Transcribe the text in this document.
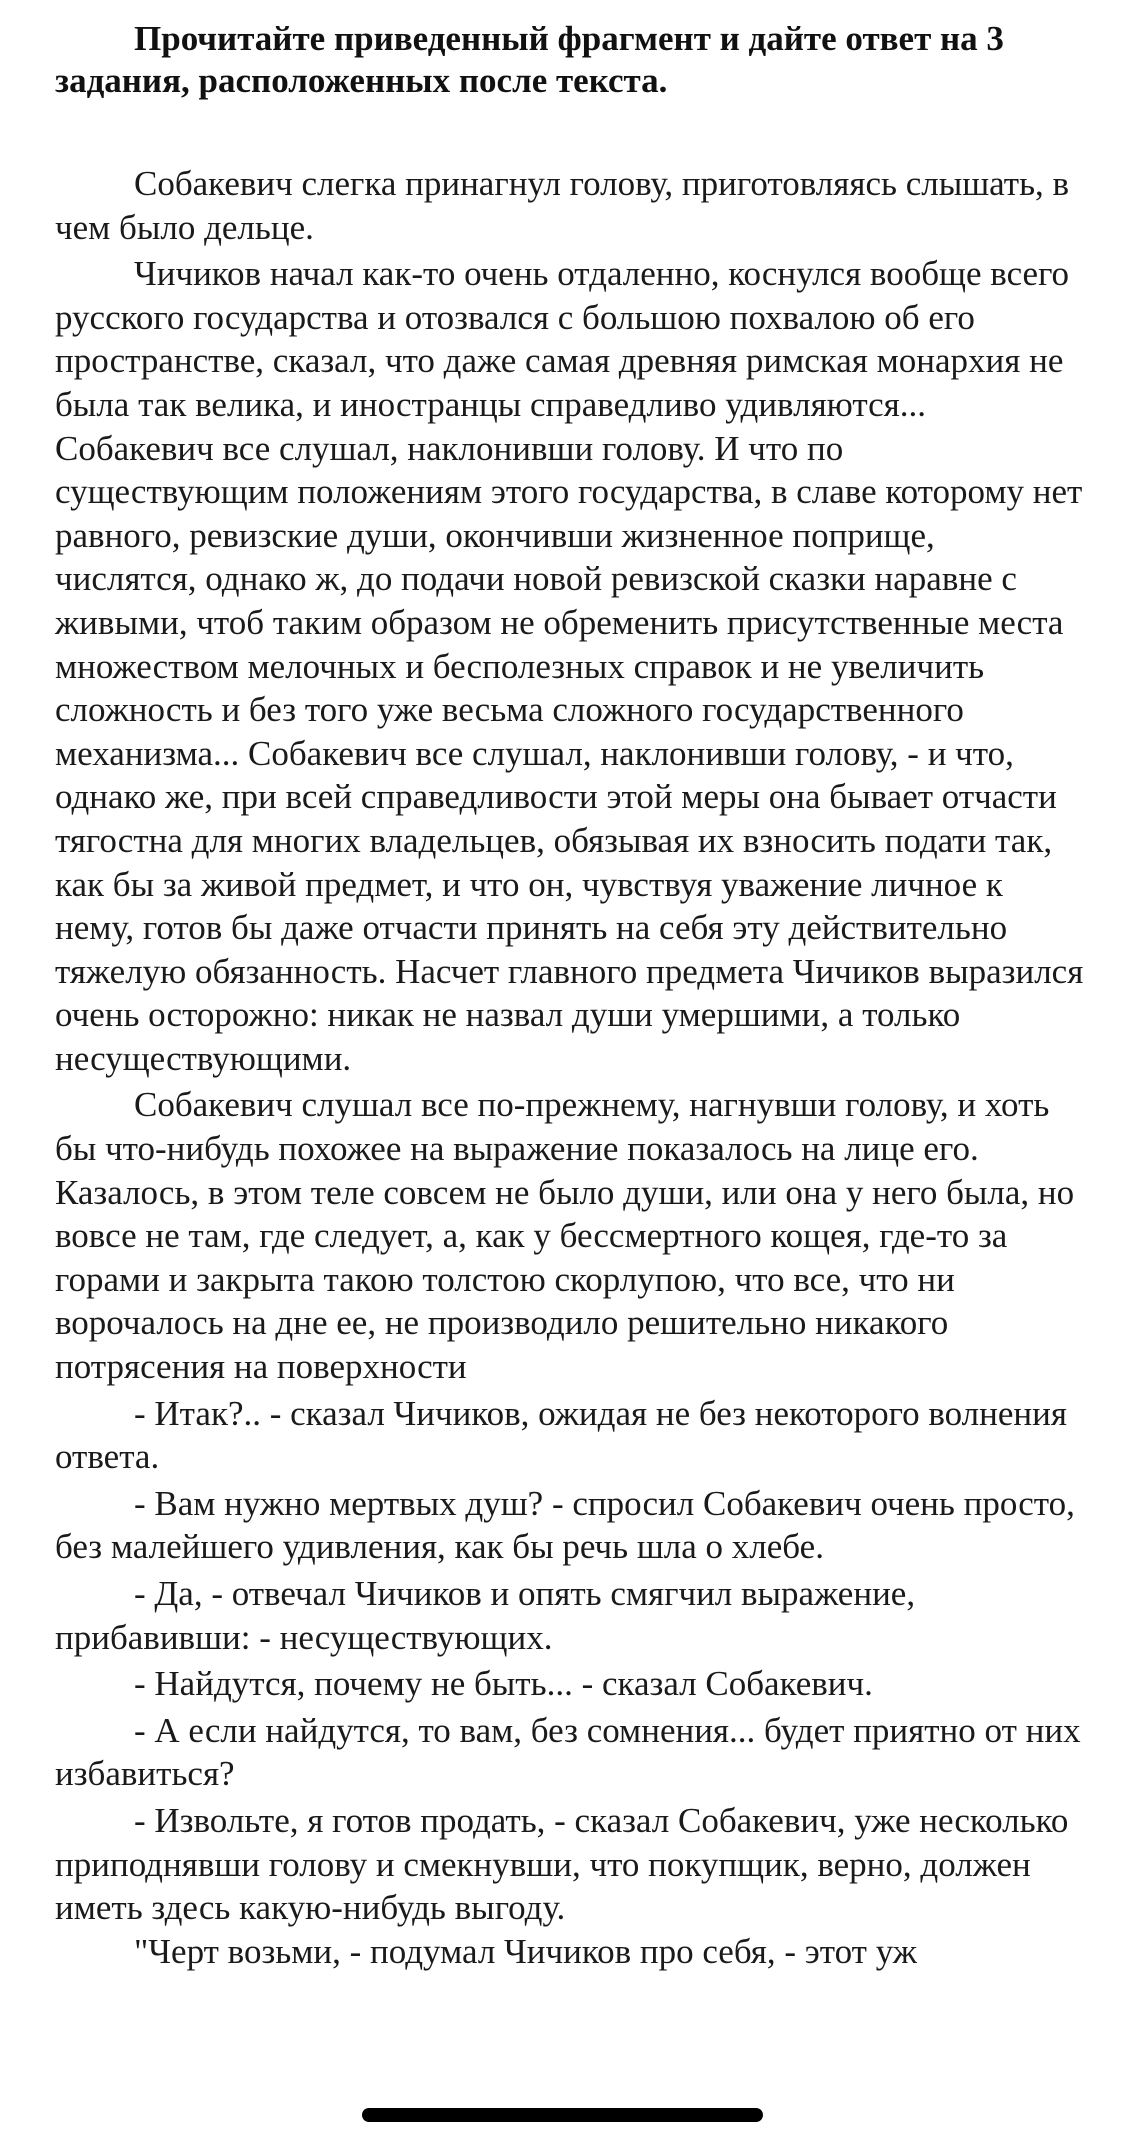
Прочитайте приведенный фрагмент и дайте ответ на 3 задания, расположенных после текста.

Собакевич слегка принагнул голову, приготовляясь слышать, в чем было дельце.

Чичиков начал как-то очень отдаленно, коснулся вообще всего русского государства и отозвался с большою похвалою об его пространстве, сказал, что даже самая древняя римская монархия не была так велика, и иностранцы справедливо удивляются... Собакевич все слушал, наклонивши голову. И что по существующим положениям этого государства, в славе которому нет равного, ревизские души, окончивши жизненное поприще, числятся, однако ж, до подачи новой ревизской сказки наравне с живыми, чтоб таким образом не обременить присутственные места множеством мелочных и бесполезных справок и не увеличить сложность и без того уже весьма сложного государственного механизма... Собакевич все слушал, наклонивши голову, - и что, однако же, при всей справедливости этой меры она бывает отчасти тягостна для многих владельцев, обязывая их взносить подати так, как бы за живой предмет, и что он, чувствуя уважение личное к нему, готов бы даже отчасти принять на себя эту действительно тяжелую обязанность. Насчет главного предмета Чичиков выразился очень осторожно: никак не назвал души умершими, а только несуществующими.

Собакевич слушал все по-прежнему, нагнувши голову, и хоть бы что-нибудь похожее на выражение показалось на лице его. Казалось, в этом теле совсем не было души, или она у него была, но вовсе не там, где следует, а, как у бессмертного кощея, где-то за горами и закрыта такою толстою скорлупою, что все, что ни ворочалось на дне ее, не производило решительно никакого потрясения на поверхности

- Итак?.. - сказал Чичиков, ожидая не без некоторого волнения ответа.

- Вам нужно мертвых душ? - спросил Собакевич очень просто, без малейшего удивления, как бы речь шла о хлебе.

- Да, - отвечал Чичиков и опять смягчил выражение, прибавивши: - несуществующих.

- Найдутся, почему не быть... - сказал Собакевич.

- А если найдутся, то вам, без сомнения... будет приятно от них избавиться?

- Извольте, я готов продать, - сказал Собакевич, уже несколько приподнявши голову и смекнувши, что покупщик, верно, должен иметь здесь какую-нибудь выгоду.

"Черт возьми, - подумал Чичиков про себя, - этот уж
